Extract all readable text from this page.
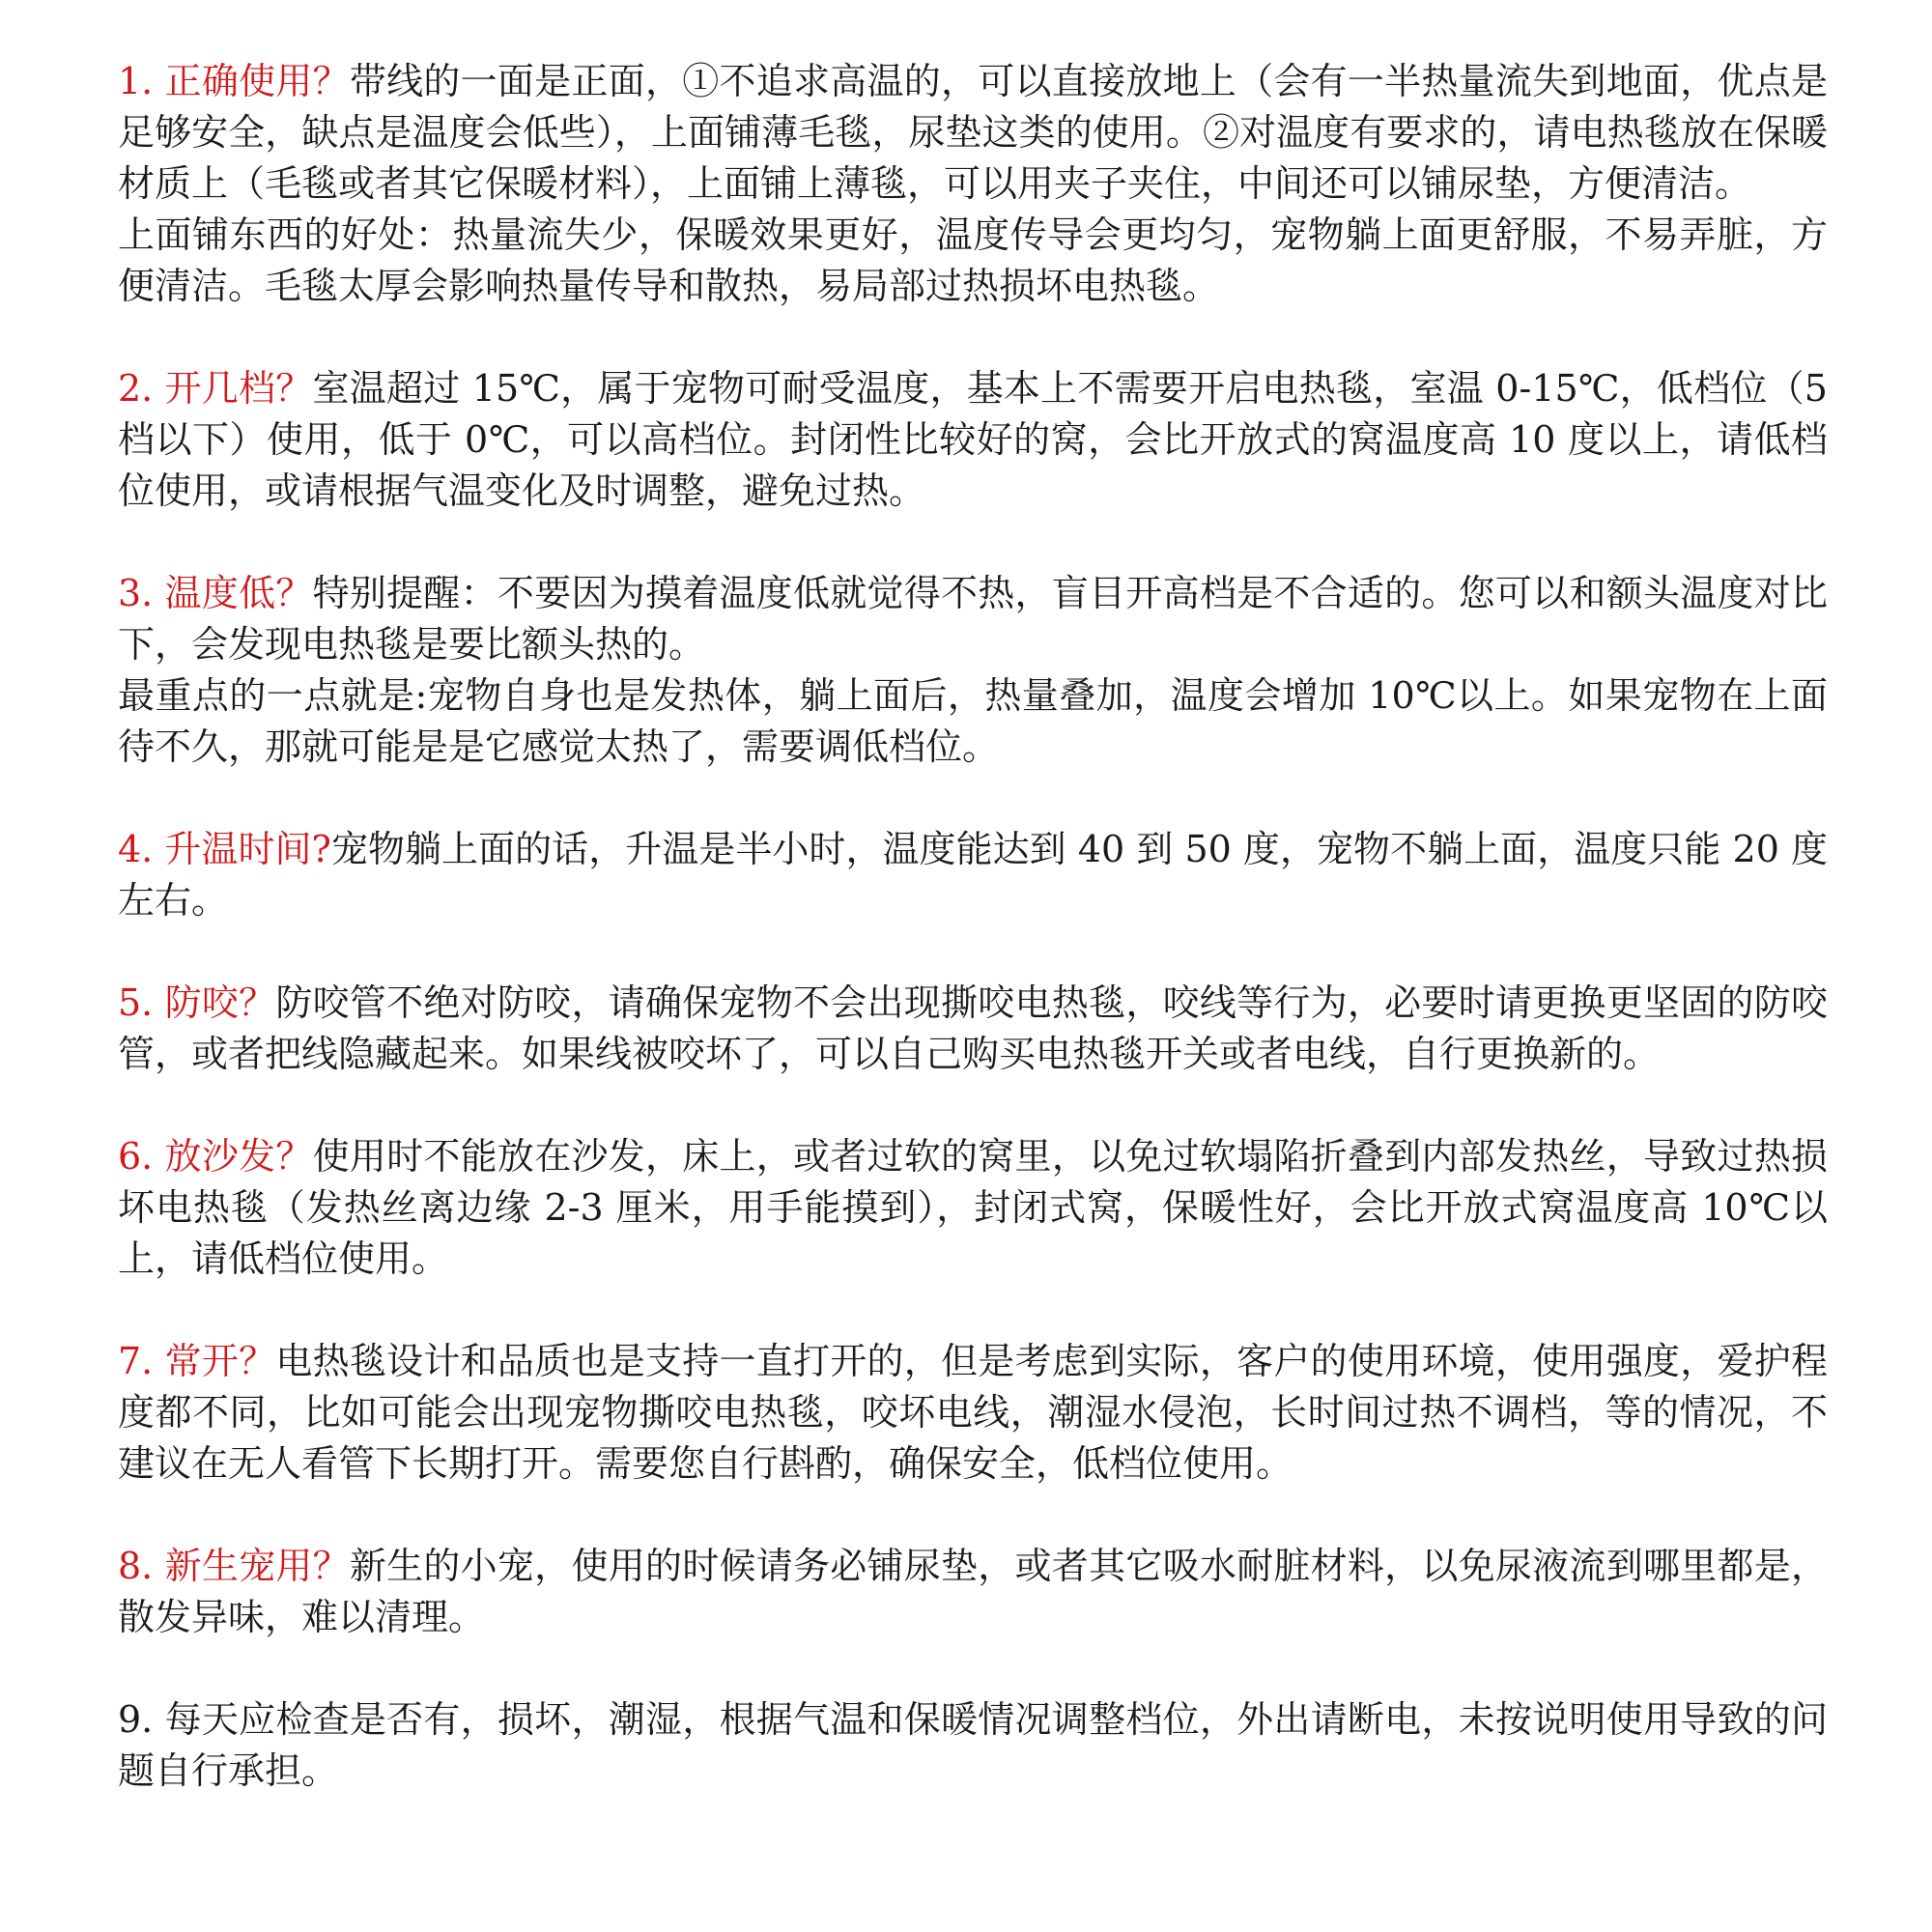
1. 正确使用？带线的一面是正面，①不追求高温的，可以直接放地上（会有一半热量流失到地面，优点是足够安全，缺点是温度会低些），上面铺薄毛毯，尿垫这类的使用。②对温度有要求的，请电热毯放在保暖材质上（毛毯或者其它保暖材料），上面铺上薄毯，可以用夹子夹住，中间还可以铺尿垫，方便清洁。

上面铺东西的好处：热量流失少，保暖效果更好，温度传导会更均匀，宠物躺上面更舒服，不易弄脏，方便清洁。毛毯太厚会影响热量传导和散热，易局部过热损坏电热毯。

2. 开几档？室温超过 15℃，属于宠物可耐受温度，基本上不需要开启电热毯，室温 0-15℃，低档位（5 档以下）使用，低于 0℃，可以高档位。封闭性比较好的窝，会比开放式的窝温度高 10 度以上，请低档位使用，或请根据气温变化及时调整，避免过热。

3. 温度低？特别提醒：不要因为摸着温度低就觉得不热，盲目开高档是不合适的。您可以和额头温度对比下，会发现电热毯是要比额头热的。

最重点的一点就是:宠物自身也是发热体，躺上面后，热量叠加，温度会增加 10℃以上。如果宠物在上面待不久，那就可能是是它感觉太热了，需要调低档位。

4. 升温时间?宠物躺上面的话，升温是半小时，温度能达到 40 到 50 度，宠物不躺上面，温度只能 20 度左右。

5. 防咬？防咬管不绝对防咬，请确保宠物不会出现撕咬电热毯，咬线等行为，必要时请更换更坚固的防咬管，或者把线隐藏起来。如果线被咬坏了，可以自己购买电热毯开关或者电线，自行更换新的。

6. 放沙发？使用时不能放在沙发，床上，或者过软的窝里，以免过软塌陷折叠到内部发热丝，导致过热损坏电热毯（发热丝离边缘 2-3 厘米，用手能摸到），封闭式窝，保暖性好，会比开放式窝温度高 10℃以上，请低档位使用。

7. 常开？电热毯设计和品质也是支持一直打开的，但是考虑到实际，客户的使用环境，使用强度，爱护程度都不同，比如可能会出现宠物撕咬电热毯，咬坏电线，潮湿水侵泡，长时间过热不调档，等的情况，不建议在无人看管下长期打开。需要您自行斟酌，确保安全，低档位使用。

8. 新生宠用？新生的小宠，使用的时候请务必铺尿垫，或者其它吸水耐脏材料，以免尿液流到哪里都是，散发异味，难以清理。

9. 每天应检查是否有，损坏，潮湿，根据气温和保暖情况调整档位，外出请断电，未按说明使用导致的问题自行承担。
